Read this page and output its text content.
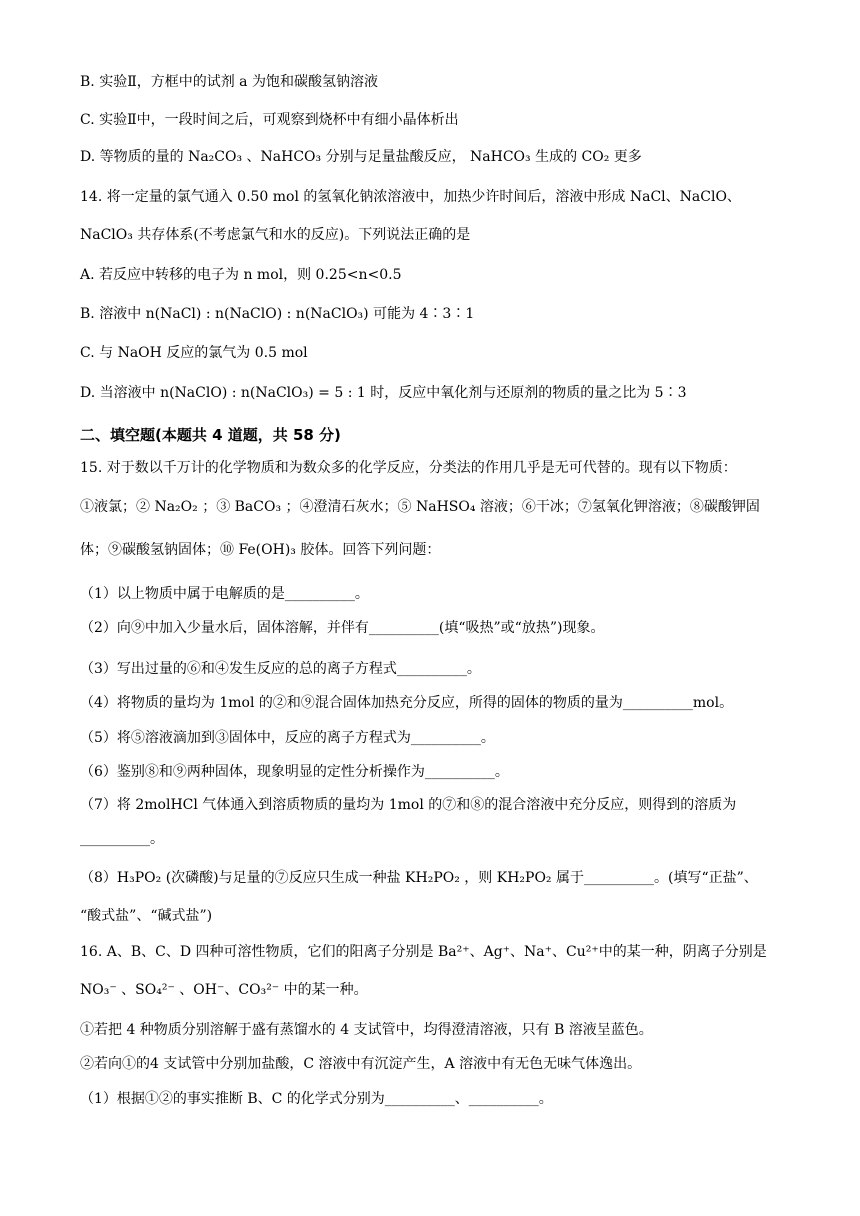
B. 实验Ⅱ，方框中的试剂 a 为饱和碳酸氢钠溶液
C. 实验Ⅱ中，一段时间之后，可观察到烧杯中有细小晶体析出
D. 等物质的量的 Na₂CO₃ 、NaHCO₃ 分别与足量盐酸反应， NaHCO₃ 生成的 CO₂ 更多
14. 将一定量的氯气通入 0.50 mol 的氢氧化钠浓溶液中，加热少许时间后，溶液中形成 NaCl、NaClO、
NaClO₃ 共存体系(不考虑氯气和水的反应)。下列说法正确的是
A. 若反应中转移的电子为 n mol，则 0.25<n<0.5
B. 溶液中 n(NaCl) : n(NaClO) : n(NaClO₃) 可能为 4∶3∶1
C. 与 NaOH 反应的氯气为 0.5 mol
D. 当溶液中 n(NaClO) : n(NaClO₃) = 5 : 1 时，反应中氧化剂与还原剂的物质的量之比为 5∶3
二、填空题(本题共 4 道题，共 58 分)
15. 对于数以千万计的化学物质和为数众多的化学反应，分类法的作用几乎是无可代替的。现有以下物质：
①液氯；② Na₂O₂ ；③ BaCO₃ ；④澄清石灰水；⑤ NaHSO₄ 溶液；⑥干冰；⑦氢氧化钾溶液；⑧碳酸钾固
体；⑨碳酸氢钠固体；⑩ Fe(OH)₃ 胶体。回答下列问题：
（1）以上物质中属于电解质的是__________。
（2）向⑨中加入少量水后，固体溶解，并伴有__________(填“吸热”或“放热”)现象。
（3）写出过量的⑥和④发生反应的总的离子方程式__________。
（4）将物质的量均为 1mol 的②和⑨混合固体加热充分反应，所得的固体的物质的量为__________mol。
（5）将⑤溶液滴加到③固体中，反应的离子方程式为__________。
（6）鉴别⑧和⑨两种固体，现象明显的定性分析操作为__________。
（7）将 2molHCl 气体通入到溶质物质的量均为 1mol 的⑦和⑧的混合溶液中充分反应，则得到的溶质为
__________。
（8）H₃PO₂ (次磷酸)与足量的⑦反应只生成一种盐 KH₂PO₂ ，则 KH₂PO₂ 属于__________。(填写“正盐”、
“酸式盐”、“碱式盐”)
16. A、B、C、D 四种可溶性物质，它们的阳离子分别是 Ba²⁺、Ag⁺、Na⁺、Cu²⁺中的某一种，阴离子分别是
NO₃⁻ 、SO₄²⁻ 、OH⁻、CO₃²⁻ 中的某一种。
①若把 4 种物质分别溶解于盛有蒸馏水的 4 支试管中，均得澄清溶液，只有 B 溶液呈蓝色。
②若向①的4 支试管中分别加盐酸，C 溶液中有沉淀产生，A 溶液中有无色无味气体逸出。
（1）根据①②的事实推断 B、C 的化学式分别为__________、__________。
